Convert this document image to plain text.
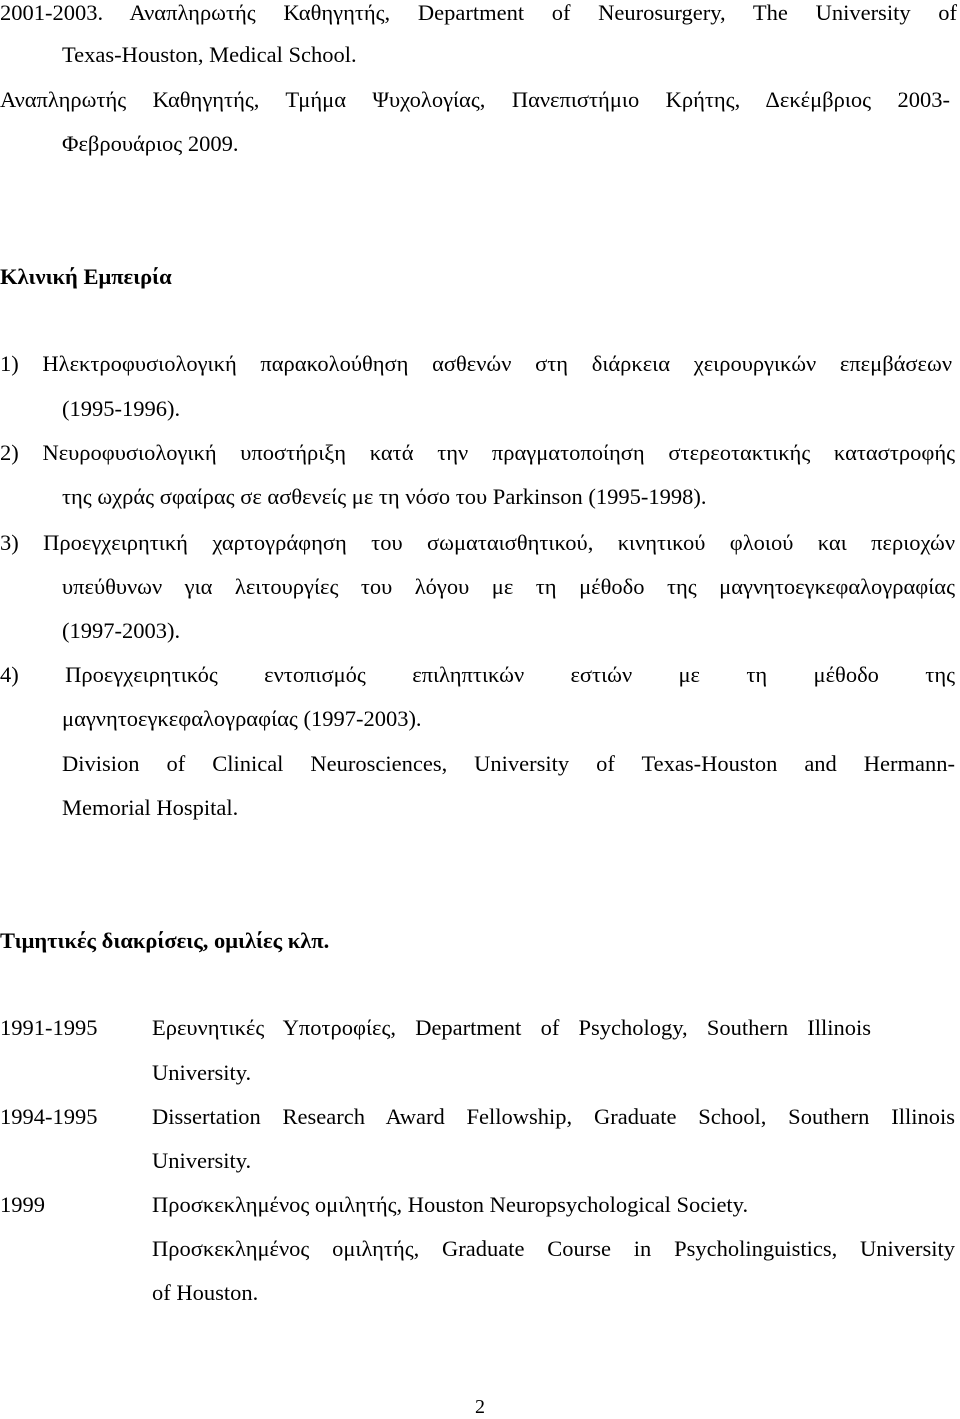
2001-2003. Αναπληρωτής Καθηγητής, Department of Neurosurgery, The University of
Texas-Houston, Medical School.
Αναπληρωτής Καθηγητής, Τμήμα Ψυχολογίας, Πανεπιστήμιο Κρήτης, Δεκέμβριος 2003-
Φεβρουάριος 2009.
Κλινική Εμπειρία
1) Ηλεκτροφυσιολογική παρακολούθηση ασθενών στη διάρκεια χειρουργικών επεμβάσεων
(1995-1996).
2) Νευροφυσιολογική υποστήριξη κατά την πραγματοποίηση στερεοτακτικής καταστροφής
της ωχράς σφαίρας σε ασθενείς με τη νόσο του Parkinson (1995-1998).
3) Προεγχειρητική χαρτογράφηση του σωματαισθητικού, κινητικού φλοιού και περιοχών
υπεύθυνων για λειτουργίες του λόγου με τη μέθοδο της μαγνητοεγκεφαλογραφίας
(1997-2003).
4) Προεγχειρητικός εντοπισμός επιληπτικών εστιών με τη μέθοδο της
μαγνητοεγκεφαλογραφίας (1997-2003).
Division of Clinical Neurosciences, University of Texas-Houston and Hermann-
Memorial Hospital.
Τιμητικές διακρίσεις, ομιλίες κλπ.
1991-1995 Ερευνητικές Υποτροφίες, Department of Psychology, Southern Illinois
University.
1994-1995 Dissertation Research Award Fellowship, Graduate School, Southern Illinois
University.
1999	Προσκεκλημένος ομιλητής, Houston Neuropsychological Society.
Προσκεκλημένος ομιλητής, Graduate Course in Psycholinguistics, University
of Houston.
2
